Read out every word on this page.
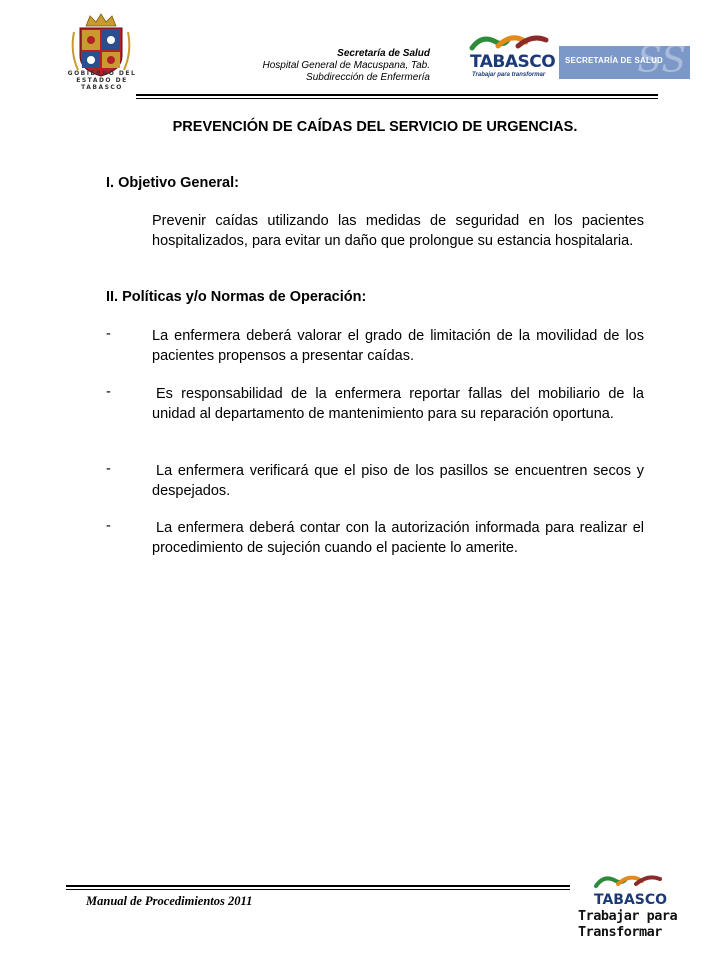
GOBIERNO DEL
ESTADO DE
TABASCO
Secretaría de Salud
Hospital General de Macuspana, Tab.
Subdirección de Enfermería
TABASCO
Trabajar para transformar	SS
SECRETARÍA DE SALUD
PREVENCIÓN DE CAÍDAS DEL SERVICIO DE URGENCIAS.
I. Objetivo General:
Prevenir caídas utilizando las medidas de seguridad en los pacientes hospitalizados, para evitar un daño que prolongue su estancia hospitalaria.
II. Políticas y/o Normas de Operación:
-	La enfermera deberá valorar el grado de limitación de la movilidad de los pacientes propensos a presentar caídas.
-	Es responsabilidad de la enfermera reportar fallas del mobiliario de la unidad al departamento de mantenimiento para su reparación oportuna.
-	La enfermera verificará que el piso de los pasillos se encuentren secos y despejados.
-	La enfermera deberá contar con la autorización informada para realizar el procedimiento de sujeción cuando el paciente lo amerite.
Manual de Procedimientos 2011	TABASCO
Trabajar para Transformar
